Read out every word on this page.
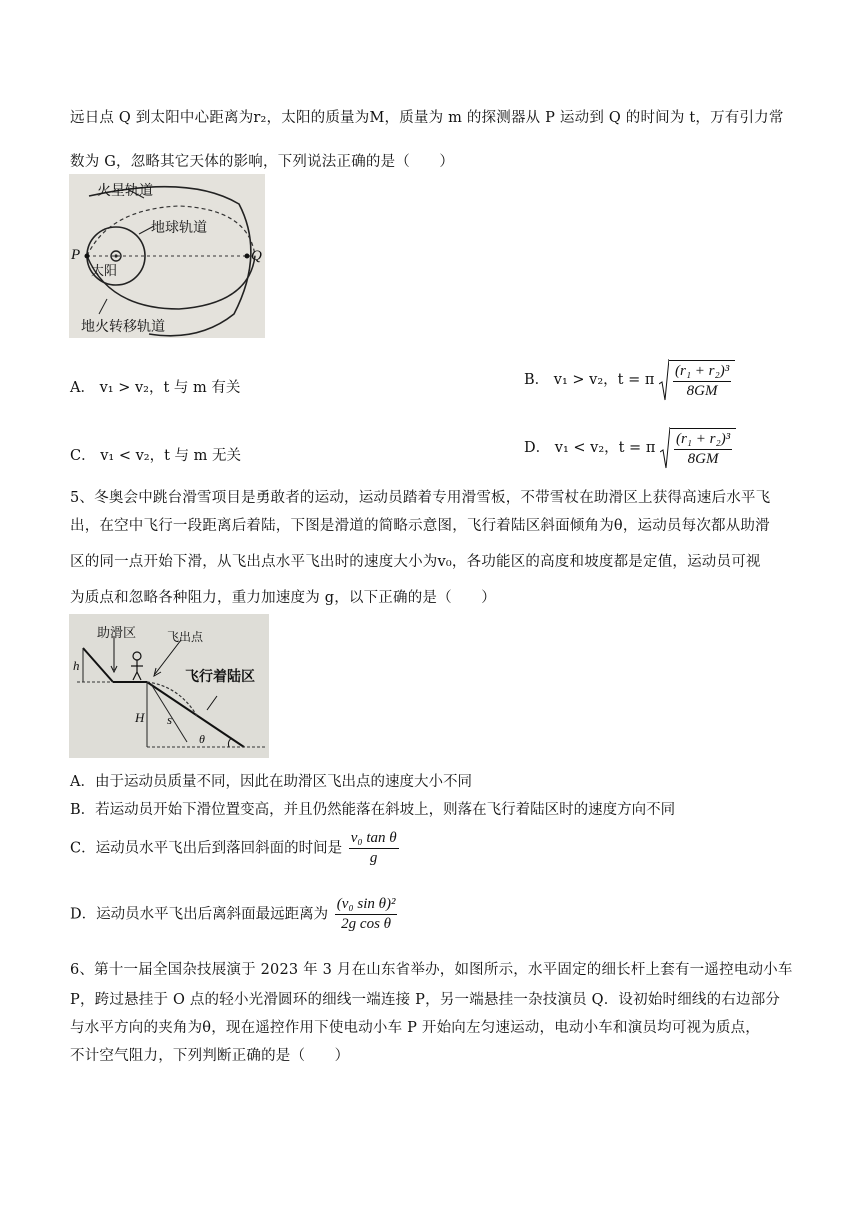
远日点 Q 到太阳中心距离为r₂，太阳的质量为M，质量为 m 的探测器从 P 运动到 Q 的时间为 t，万有引力常
数为 G，忽略其它天体的影响，下列说法正确的是（　　）
火星轨道
地球轨道
太阳
地火转移轨道
P	Q
A． v₁ > v₂，t 与 m 有关	B． v₁ > v₂，t = π $\frac{\text{(r₁ + r₂)³}}{8GM}$
C． v₁ < v₂，t 与 m 无关	D． v₁ < v₂，t = π $\frac{\text{(r₁ + r₂)³}}{8GM}$
5、冬奥会中跳台滑雪项目是勇敢者的运动，运动员踏着专用滑雪板，不带雪杖在助滑区上获得高速后水平飞
出，在空中飞行一段距离后着陆，下图是滑道的简略示意图，飞行着陆区斜面倾角为θ，运动员每次都从助滑
区的同一点开始下滑，从飞出点水平飞出时的速度大小为v₀，各功能区的高度和坡度都是定值，运动员可视
为质点和忽略各种阻力，重力加速度为 g，以下正确的是（　　）
助滑区	飞出点
飞行着陆区
h
H s
θ
A．由于运动员质量不同，因此在助滑区飞出点的速度大小不同
B．若运动员开始下滑位置变高，并且仍然能落在斜坡上，则落在飞行着陆区时的速度方向不同
C．运动员水平飞出后到落回斜面的时间是 $\frac{\text{v₀ tan θ}}{g}$
D．运动员水平飞出后离斜面最远距离为 $\frac{\text{(v₀ sin θ)²}}{\text{2g cos θ}}$
6、第十一届全国杂技展演于 2023 年 3 月在山东省举办，如图所示，水平固定的细长杆上套有一遥控电动小车
P，跨过悬挂于 O 点的轻小光滑圆环的细线一端连接 P，另一端悬挂一杂技演员 Q．设初始时细线的右边部分
与水平方向的夹角为θ，现在遥控作用下使电动小车 P 开始向左匀速运动，电动小车和演员均可视为质点，
不计空气阻力，下列判断正确的是（　　）
